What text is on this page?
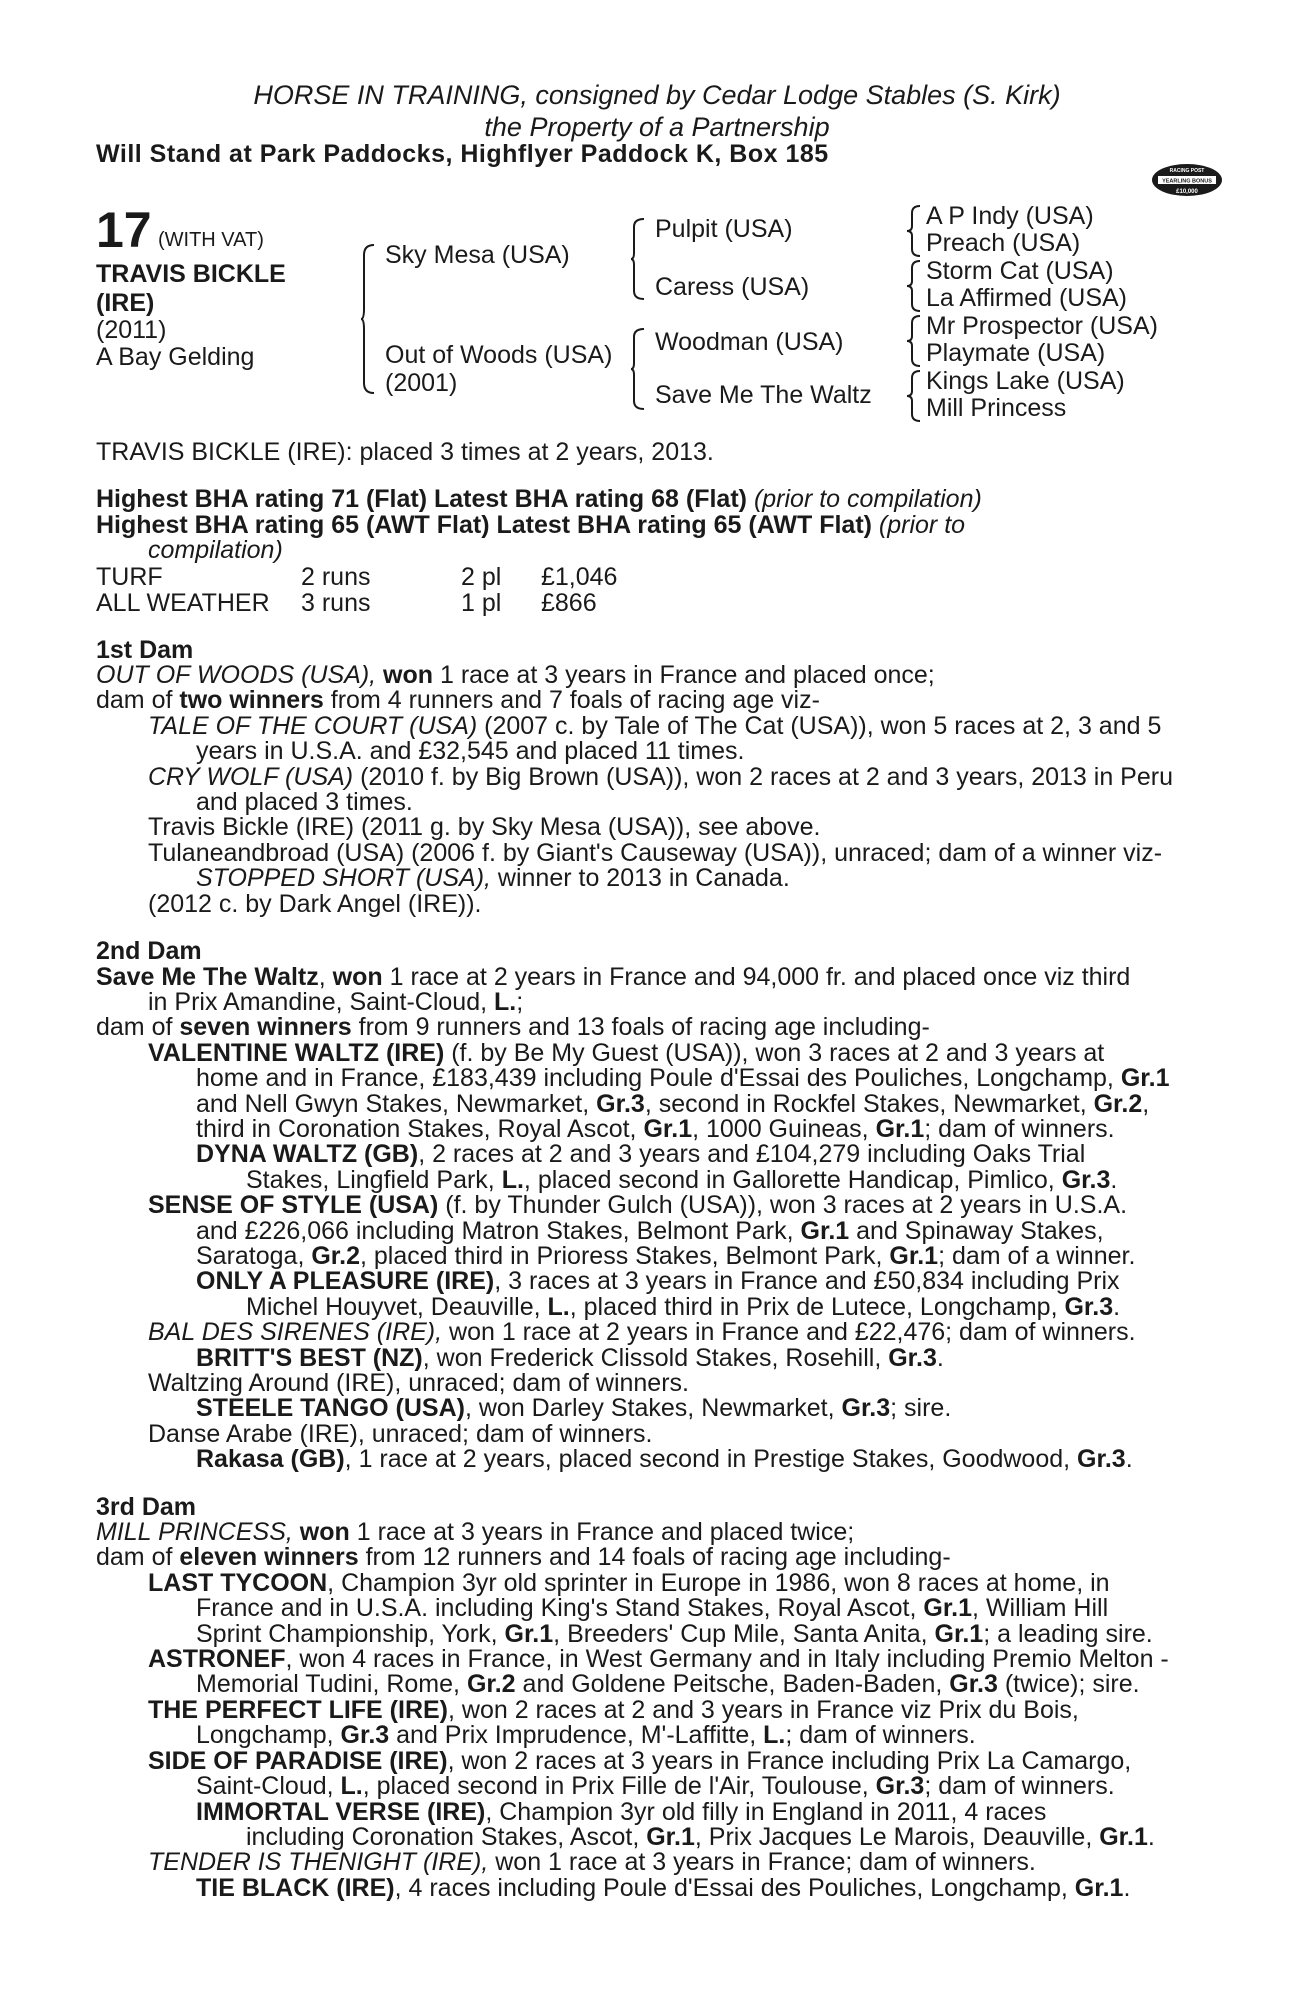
HORSE IN TRAINING, consigned by Cedar Lodge Stables (S. Kirk)
the Property of a Partnership
Will Stand at Park Paddocks, Highflyer Paddock K, Box 185
RACING POST
YEARLING BONUS
£10,000
17 (WITH VAT)
TRAVIS BICKLE
(IRE)
(2011)
A Bay Gelding
Sky Mesa (USA)
Out of Woods (USA)
(2001)
Pulpit (USA)
Caress (USA)
Woodman (USA)
Save Me The Waltz
A P Indy (USA)
Preach (USA)
Storm Cat (USA)
La Affirmed (USA)
Mr Prospector (USA)
Playmate (USA)
Kings Lake (USA)
Mill Princess

TRAVIS BICKLE (IRE): placed 3 times at 2 years, 2013.

Highest BHA rating 71 (Flat) Latest BHA rating 68 (Flat) (prior to compilation)

Highest BHA rating 65 (AWT Flat) Latest BHA rating 65 (AWT Flat) (prior to

compilation)

TURF	2 runs	2 pl	£1,046
ALL WEATHER	3 runs	1 pl	£866

1st Dam

OUT OF WOODS (USA), won 1 race at 3 years in France and placed once;

dam of two winners from 4 runners and 7 foals of racing age viz-

TALE OF THE COURT (USA) (2007 c. by Tale of The Cat (USA)), won 5 races at 2, 3 and 5

years in U.S.A. and £32,545 and placed 11 times.

CRY WOLF (USA) (2010 f. by Big Brown (USA)), won 2 races at 2 and 3 years, 2013 in Peru

and placed 3 times.

Travis Bickle (IRE) (2011 g. by Sky Mesa (USA)), see above.

Tulaneandbroad (USA) (2006 f. by Giant's Causeway (USA)), unraced; dam of a winner viz-

STOPPED SHORT (USA), winner to 2013 in Canada.

(2012 c. by Dark Angel (IRE)).

2nd Dam

Save Me The Waltz, won 1 race at 2 years in France and 94,000 fr. and placed once viz third

in Prix Amandine, Saint-Cloud, L.;

dam of seven winners from 9 runners and 13 foals of racing age including-

VALENTINE WALTZ (IRE) (f. by Be My Guest (USA)), won 3 races at 2 and 3 years at

home and in France, £183,439 including Poule d'Essai des Pouliches, Longchamp, Gr.1

and Nell Gwyn Stakes, Newmarket, Gr.3, second in Rockfel Stakes, Newmarket, Gr.2,

third in Coronation Stakes, Royal Ascot, Gr.1, 1000 Guineas, Gr.1; dam of winners.

DYNA WALTZ (GB), 2 races at 2 and 3 years and £104,279 including Oaks Trial

Stakes, Lingfield Park, L., placed second in Gallorette Handicap, Pimlico, Gr.3.

SENSE OF STYLE (USA) (f. by Thunder Gulch (USA)), won 3 races at 2 years in U.S.A.

and £226,066 including Matron Stakes, Belmont Park, Gr.1 and Spinaway Stakes,

Saratoga, Gr.2, placed third in Prioress Stakes, Belmont Park, Gr.1; dam of a winner.

ONLY A PLEASURE (IRE), 3 races at 3 years in France and £50,834 including Prix

Michel Houyvet, Deauville, L., placed third in Prix de Lutece, Longchamp, Gr.3.

BAL DES SIRENES (IRE), won 1 race at 2 years in France and £22,476; dam of winners.

BRITT'S BEST (NZ), won Frederick Clissold Stakes, Rosehill, Gr.3.

Waltzing Around (IRE), unraced; dam of winners.

STEELE TANGO (USA), won Darley Stakes, Newmarket, Gr.3; sire.

Danse Arabe (IRE), unraced; dam of winners.

Rakasa (GB), 1 race at 2 years, placed second in Prestige Stakes, Goodwood, Gr.3.

3rd Dam

MILL PRINCESS, won 1 race at 3 years in France and placed twice;

dam of eleven winners from 12 runners and 14 foals of racing age including-

LAST TYCOON, Champion 3yr old sprinter in Europe in 1986, won 8 races at home, in

France and in U.S.A. including King's Stand Stakes, Royal Ascot, Gr.1, William Hill

Sprint Championship, York, Gr.1, Breeders' Cup Mile, Santa Anita, Gr.1; a leading sire.

ASTRONEF, won 4 races in France, in West Germany and in Italy including Premio Melton -

Memorial Tudini, Rome, Gr.2 and Goldene Peitsche, Baden-Baden, Gr.3 (twice); sire.

THE PERFECT LIFE (IRE), won 2 races at 2 and 3 years in France viz Prix du Bois,

Longchamp, Gr.3 and Prix Imprudence, M'-Laffitte, L.; dam of winners.

SIDE OF PARADISE (IRE), won 2 races at 3 years in France including Prix La Camargo,

Saint-Cloud, L., placed second in Prix Fille de l'Air, Toulouse, Gr.3; dam of winners.

IMMORTAL VERSE (IRE), Champion 3yr old filly in England in 2011, 4 races

including Coronation Stakes, Ascot, Gr.1, Prix Jacques Le Marois, Deauville, Gr.1.

TENDER IS THENIGHT (IRE), won 1 race at 3 years in France; dam of winners.

TIE BLACK (IRE), 4 races including Poule d'Essai des Pouliches, Longchamp, Gr.1.
